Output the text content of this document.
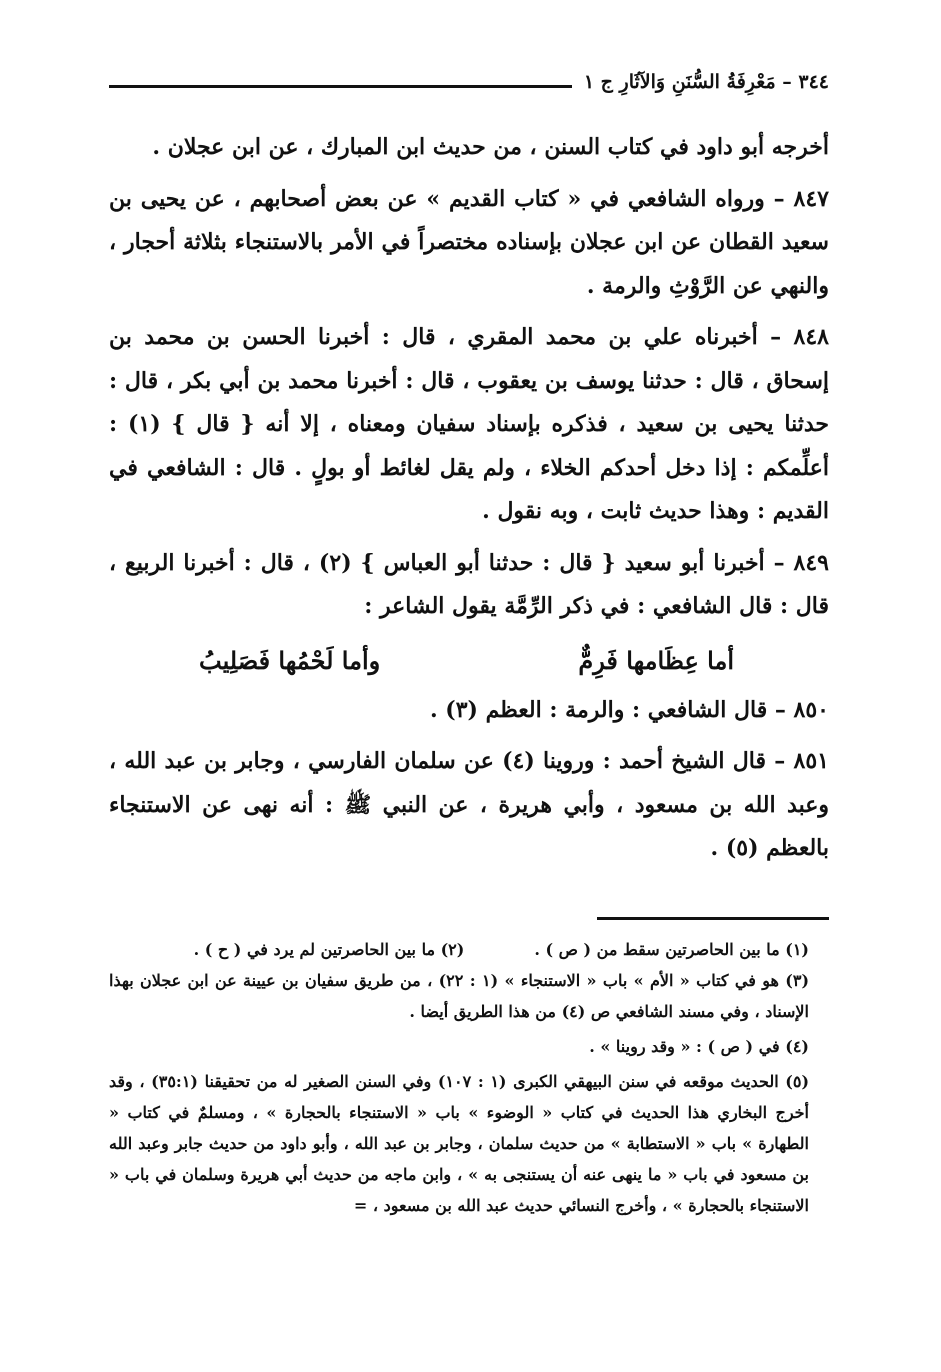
٣٤٤ – مَعْرِفَةُ السُّنَنِ وَالآثَارِ ج ١

أخرجه أبو داود في كتاب السنن ، من حديث ابن المبارك ، عن ابن عجلان .

٨٤٧ – ورواه الشافعي في « كتاب القديم » عن بعض أصحابهم ، عن يحيى بن سعيد القطان عن ابن عجلان بإسناده مختصراً في الأمر بالاستنجاء بثلاثة أحجار ، والنهي عن الرَّوْثِ والرمة .

٨٤٨ – أخبرناه علي بن محمد المقري ، قال : أخبرنا الحسن بن محمد بن إسحاق ، قال : حدثنا يوسف بن يعقوب ، قال : أخبرنا محمد بن أبي بكر ، قال : حدثنا يحيى بن سعيد ، فذكره بإسناد سفيان ومعناه ، إلا أنه { قال } (١) : أعلِّمكم : إذا دخل أحدكم الخلاء ، ولم يقل لغائط أو بولٍ . قال : الشافعي في القديم : وهذا حديث ثابت ، وبه نقول .

٨٤٩ – أخبرنا أبو سعيد { قال : حدثنا أبو العباس } (٢) ، قال : أخبرنا الربيع ، قال : قال الشافعي : في ذكر الرِّمَّة يقول الشاعر :

أما عِظَامها فَرِمٌّ
وأما لَحْمُها فَصَلِيبُ

٨٥٠ – قال الشافعي : والرمة : العظم (٣) .

٨٥١ – قال الشيخ أحمد : وروينا (٤) عن سلمان الفارسي ، وجابر بن عبد الله ، وعبد الله بن مسعود ، وأبي هريرة ، عن النبي ﷺ : أنه نهى عن الاستنجاء بالعظم (٥) .

(١) ما بين الحاصرتين سقط من ( ص ) .
(٢) ما بين الحاصرتين لم يرد في ( ح ) .

(٣) هو في كتاب « الأم » باب « الاستنجاء » (١ : ٢٢) ، من طريق سفيان بن عيينة عن ابن عجلان بهذا الإسناد ، وفي مسند الشافعي ص (٤) من هذا الطريق أيضا .

(٤) في ( ص ) : « وقد روينا » .

(٥) الحديث موقعه في سنن البيهقي الكبرى (١ : ١٠٧) وفي السنن الصغير له من تحقيقنا (٣٥:١) ، وقد أخرج البخاري هذا الحديث في كتاب « الوضوء » باب « الاستنجاء بالحجارة » ، ومسلمٌ في كتاب « الطهارة » باب « الاستطابة » من حديث سلمان ، وجابر بن عبد الله ، وأبو داود من حديث جابر وعبد الله بن مسعود في باب « ما ينهى عنه أن يستنجى به » ، وابن ماجه من حديث أبي هريرة وسلمان في باب « الاستنجاء بالحجارة » ، وأخرج النسائي حديث عبد الله بن مسعود ، =
